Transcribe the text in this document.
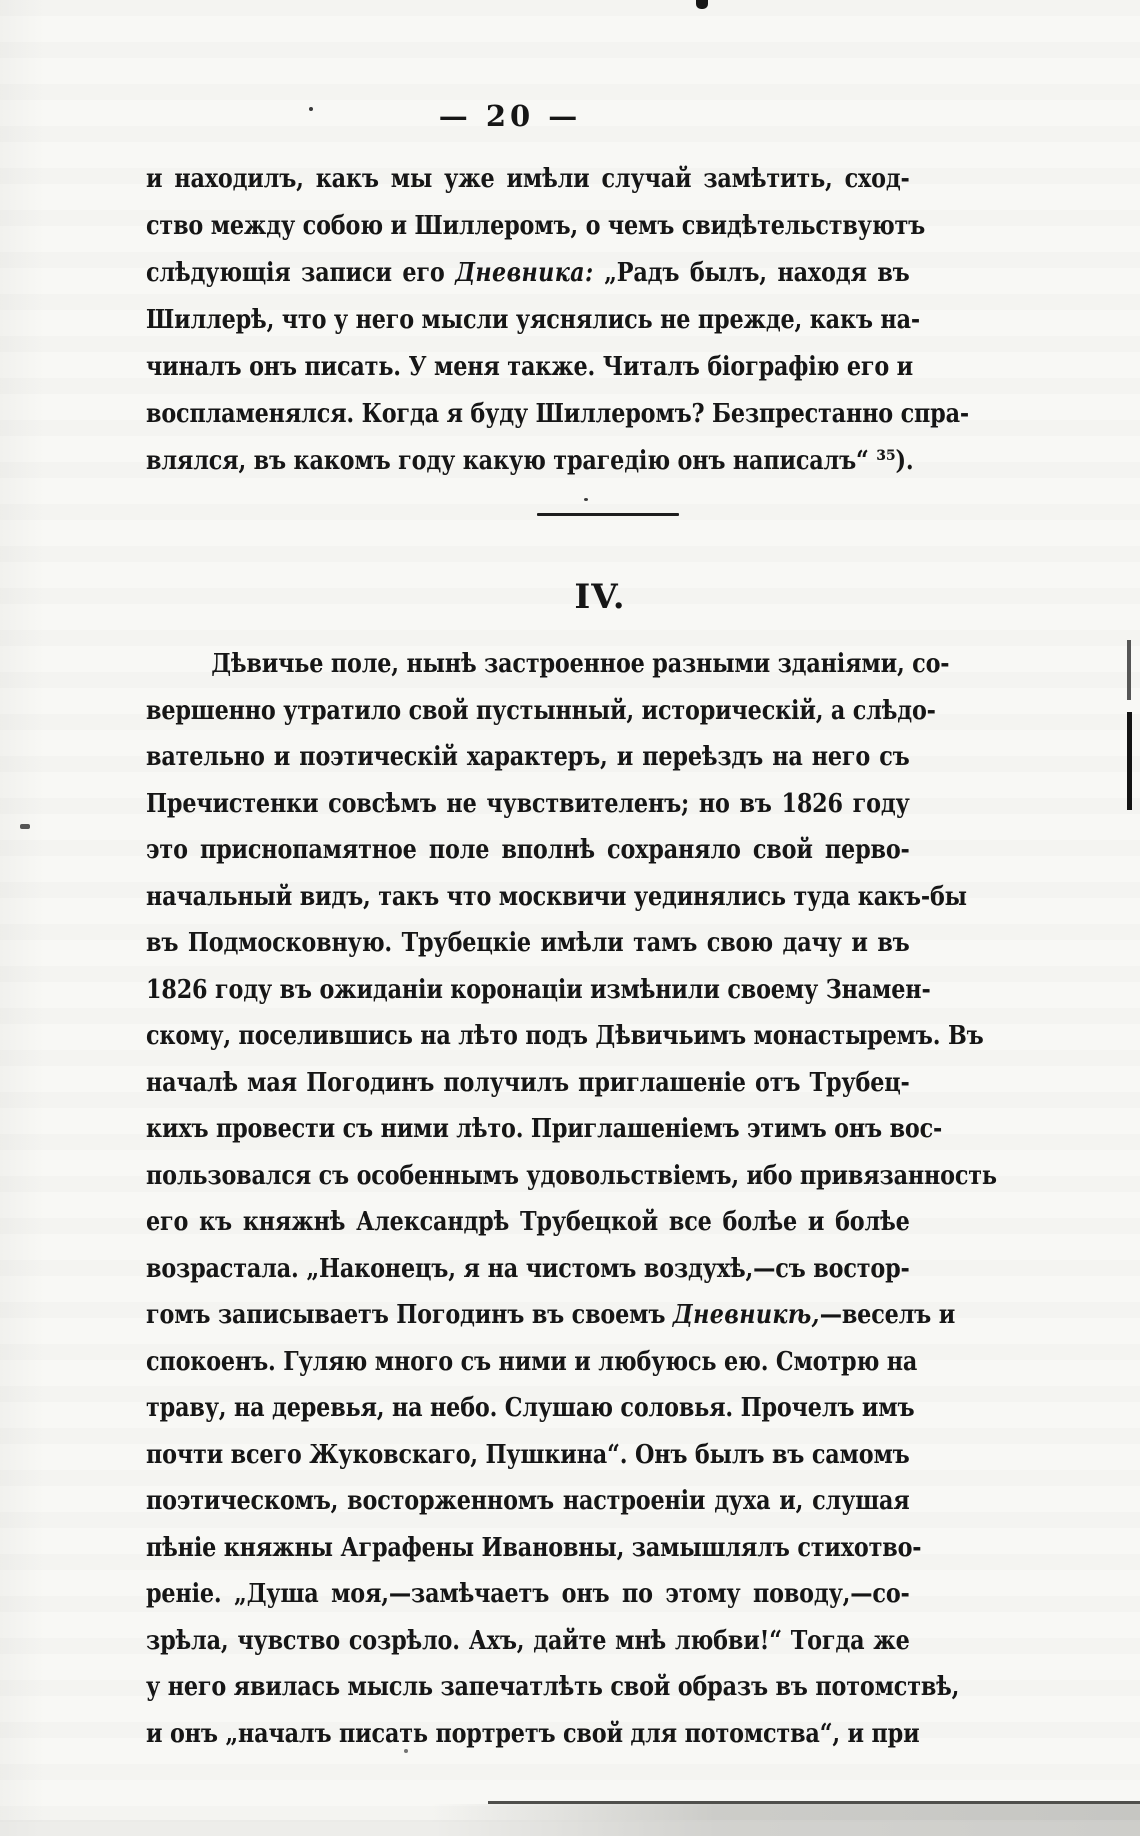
— 20 —
и находилъ, какъ мы уже имѣли случай замѣтить, сход-
ство между собою и Шиллеромъ, о чемъ свидѣтельствуютъ
слѣдующія записи его Дневника: „Радъ былъ, находя въ
Шиллерѣ, что у него мысли уяснялись не прежде, какъ на-
чиналъ онъ писать. У меня также. Читалъ біографію его и
воспламенялся. Когда я буду Шиллеромъ? Безпрестанно спра-
влялся, въ какомъ году какую трагедію онъ написалъ“ ³⁵).
IV.
Дѣвичье поле, нынѣ застроенное разными зданіями, со-
вершенно утратило свой пустынный, историческій, а слѣдо-
вательно и поэтическій характеръ, и переѣздъ на него съ
Пречистенки совсѣмъ не чувствителенъ; но въ 1826 году
это приснопамятное поле вполнѣ сохраняло свой перво-
начальный видъ, такъ что москвичи уединялись туда какъ-бы
въ Подмосковную. Трубецкіе имѣли тамъ свою дачу и въ
1826 году въ ожиданіи коронаціи измѣнили своему Знамен-
скому, поселившись на лѣто подъ Дѣвичьимъ монастыремъ. Въ
началѣ мая Погодинъ получилъ приглашеніе отъ Трубец-
кихъ провести съ ними лѣто. Приглашеніемъ этимъ онъ вос-
пользовался съ особеннымъ удовольствіемъ, ибо привязанность
его къ княжнѣ Александрѣ Трубецкой все болѣе и болѣе
возрастала. „Наконецъ, я на чистомъ воздухѣ,—съ востор-
гомъ записываетъ Погодинъ въ своемъ Дневникѣ,—веселъ и
спокоенъ. Гуляю много съ ними и любуюсь ею. Смотрю на
траву, на деревья, на небо. Слушаю соловья. Прочелъ имъ
почти всего Жуковскаго, Пушкина“. Онъ былъ въ самомъ
поэтическомъ, восторженномъ настроеніи духа и, слушая
пѣніе княжны Аграфены Ивановны, замышлялъ стихотво-
реніе. „Душа моя,—замѣчаетъ онъ по этому поводу,—со-
зрѣла, чувство созрѣло. Ахъ, дайте мнѣ любви!“ Тогда же
у него явилась мысль запечатлѣть свой образъ въ потомствѣ,
и онъ „началъ писать портретъ свой для потомства“, и при
